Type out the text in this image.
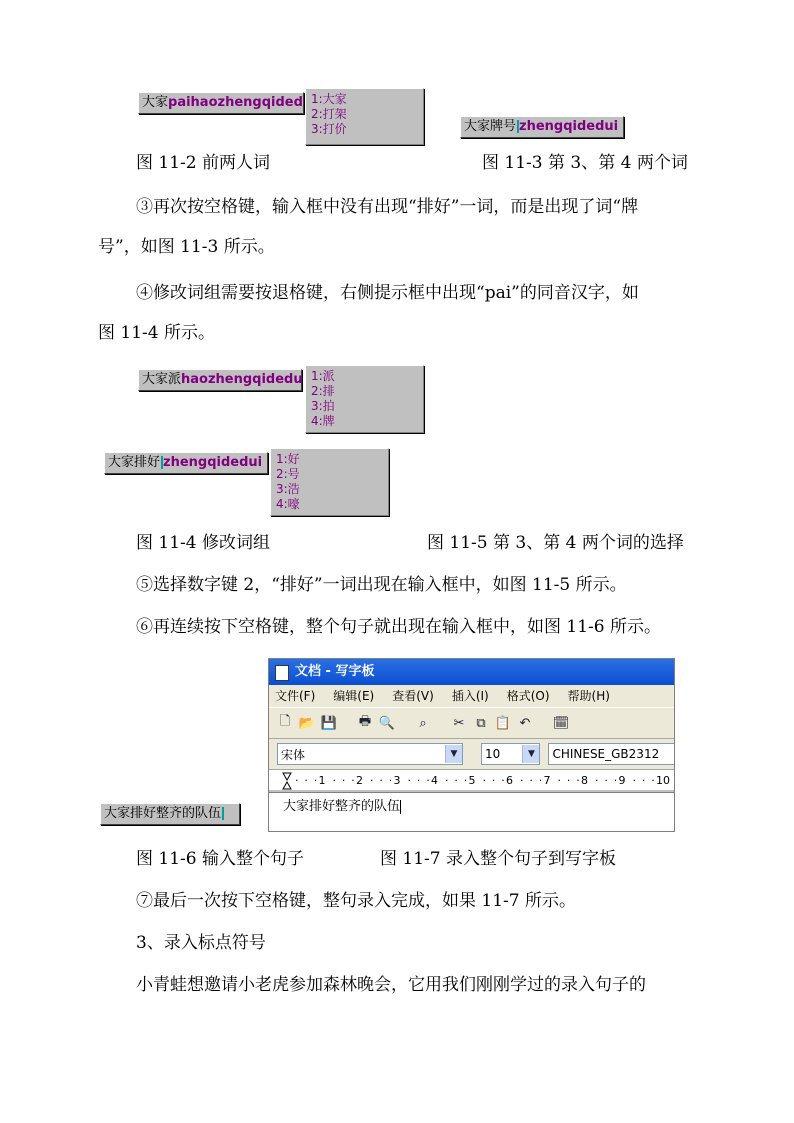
大家paihaozhengqided 1:大家
2:打架
3:打价	大家牌号 zhengqidedui
图 11-2 前两人词	图 11-3 第 3、第 4 两个词
③再次按空格键，输入框中没有出现“排好”一词，而是出现了词“牌
号”，如图 11-3 所示。
④修改词组需要按退格键，右侧提示框中出现“pai”的同音汉字，如
图 11-4 所示。
大家派haozhengqidedu 1:派
2:排
3:拍
4:牌
大家排好 zhengqidedui	1:好
2:号
3:浩
4:嚎
图 11-4 修改词组	图 11-5 第 3、第 4 两个词的选择
⑤选择数字键 2，“排好”一词出现在输入框中，如图 11-5 所示。
⑥再连续按下空格键，整个句子就出现在输入框中，如图 11-6 所示。
大家排好整齐的队伍
文档 - 写字板
文件(F) 编辑(E) 查看(V) 插入(I) 格式(O) 帮助(H)
🗋 📂 💾 🖶 🔍	⌕	✂ ⧉ 📋 ↶ 🗓
宋体	▼	10	▼	CHINESE_GB2312
· · · 1 · · · 2 · · · 3 · · · 4 · · · 5 · · · 6 · · · 7 · · · 8 · · · 9 · · · 10
大家排好整齐的队伍
图 11-6 输入整个句子	图 11-7 录入整个句子到写字板
⑦最后一次按下空格键，整句录入完成，如果 11-7 所示。
3、录入标点符号
小青蛙想邀请小老虎参加森林晚会，它用我们刚刚学过的录入句子的
